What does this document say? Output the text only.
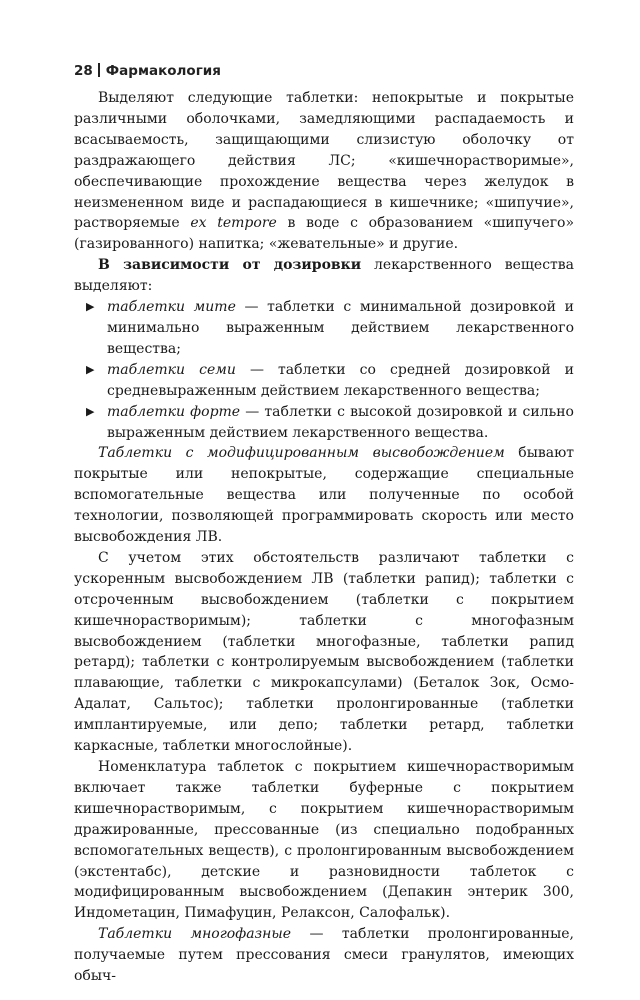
28 Фармакология

Выделяют следующие таблетки: непокрытые и покрытые различными оболочками, замедляющими распадаемость и всасываемость, защищающими слизистую оболочку от раздражающего действия ЛС; «кишечнорастворимые», обеспечивающие прохождение вещества через желудок в неизмененном виде и распадающиеся в кишечнике; «шипучие», растворяемые ex tempore в воде с образованием «шипучего» (газированного) напитка; «жевательные» и другие.

В зависимости от дозировки лекарственного вещества выделяют:

▶ таблетки мите — таблетки с минимальной дозировкой и минимально выраженным действием лекарственного вещества;
▶ таблетки семи — таблетки со средней дозировкой и средневыраженным действием лекарственного вещества;
▶ таблетки форте — таблетки с высокой дозировкой и сильно выраженным действием лекарственного вещества.

Таблетки с модифицированным высвобождением бывают покрытые или непокрытые, содержащие специальные вспомогательные вещества или полученные по особой технологии, позволяющей программировать скорость или место высвобождения ЛВ.

С учетом этих обстоятельств различают таблетки с ускоренным высвобождением ЛВ (таблетки рапид); таблетки с отсроченным высвобождением (таблетки с покрытием кишечнорастворимым); таблетки с многофазным высвобождением (таблетки многофазные, таблетки рапид ретард); таблетки с контролируемым высвобождением (таблетки плавающие, таблетки с микрокапсулами) (Беталок Зок, Осмо-Адалат, Сальтос); таблетки пролонгированные (таблетки имплантируемые, или депо; таблетки ретард, таблетки каркасные, таблетки многослойные).

Номенклатура таблеток с покрытием кишечнорастворимым включает также таблетки буферные с покрытием кишечнорастворимым, с покрытием кишечнорастворимым дражированные, прессованные (из специально подобранных вспомогательных веществ), с пролонгированным высвобождением (экстентабс), детские и разновидности таблеток с модифицированным высвобождением (Депакин энтерик 300, Индометацин, Пимафуцин, Релаксон, Салофальк).

Таблетки многофазные — таблетки пролонгированные, получаемые путем прессования смеси гранулятов, имеющих обыч-
